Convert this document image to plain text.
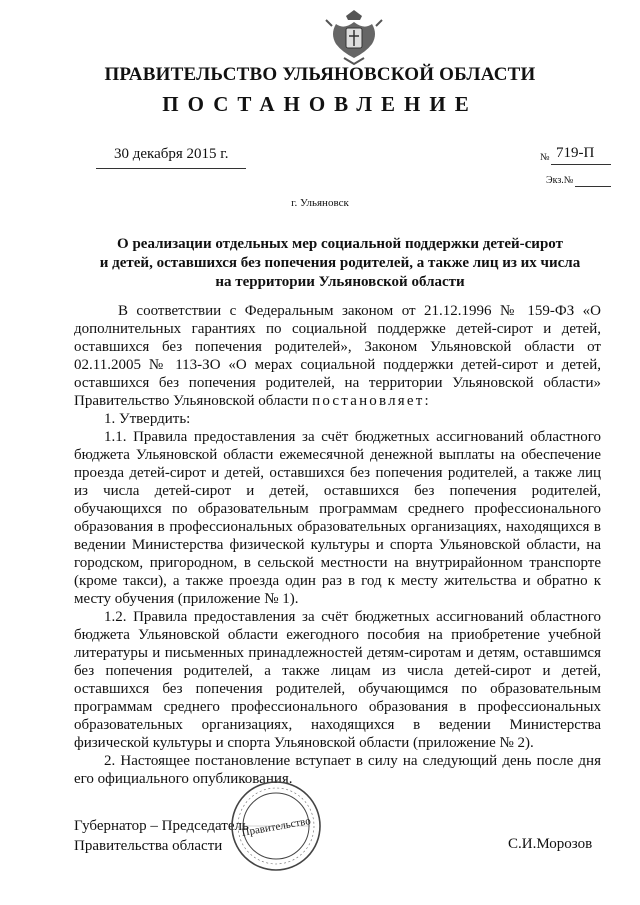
ПРАВИТЕЛЬСТВО УЛЬЯНОВСКОЙ ОБЛАСТИ
ПОСТАНОВЛЕНИЕ
30 декабря 2015 г.	№ 719-П
Экз.№
г. Ульяновск
О реализации отдельных мер социальной поддержки детей-сирот
и детей, оставшихся без попечения родителей, а также лиц из их числа
на территории Ульяновской области

В соответствии с Федеральным законом от 21.12.1996 № 159-ФЗ «О дополнительных гарантиях по социальной поддержке детей-сирот и детей, оставшихся без попечения родителей», Законом Ульяновской области от 02.11.2005 № 113-ЗО «О мерах социальной поддержки детей-сирот и детей, оставшихся без попечения родителей, на территории Ульяновской области» Правительство Ульяновской области постановляет:

1. Утвердить:

1.1. Правила предоставления за счёт бюджетных ассигнований областного бюджета Ульяновской области ежемесячной денежной выплаты на обеспечение проезда детей-сирот и детей, оставшихся без попечения родителей, а также лиц из числа детей-сирот и детей, оставшихся без попечения родителей, обучающихся по образовательным программам среднего профессионального образования в профессиональных образовательных организациях, находящихся в ведении Министерства физической культуры и спорта Ульяновской области, на городском, пригородном, в сельской местности на внутрирайонном транспорте (кроме такси), а также проезда один раз в год к месту жительства и обратно к месту обучения (приложение № 1).

1.2. Правила предоставления за счёт бюджетных ассигнований областного бюджета Ульяновской области ежегодного пособия на приобретение учебной литературы и письменных принадлежностей детям-сиротам и детям, оставшимся без попечения родителей, а также лицам из числа детей-сирот и детей, оставшихся без попечения родителей, обучающимся по образовательным программам среднего профессионального образования в профессиональных образовательных организациях, находящихся в ведении Министерства физической культуры и спорта Ульяновской области (приложение № 2).

2. Настоящее постановление вступает в силу на следующий день после дня его официального опубликования.

Губернатор – Председатель
Правительства области	С.И.Морозов
Правительство
